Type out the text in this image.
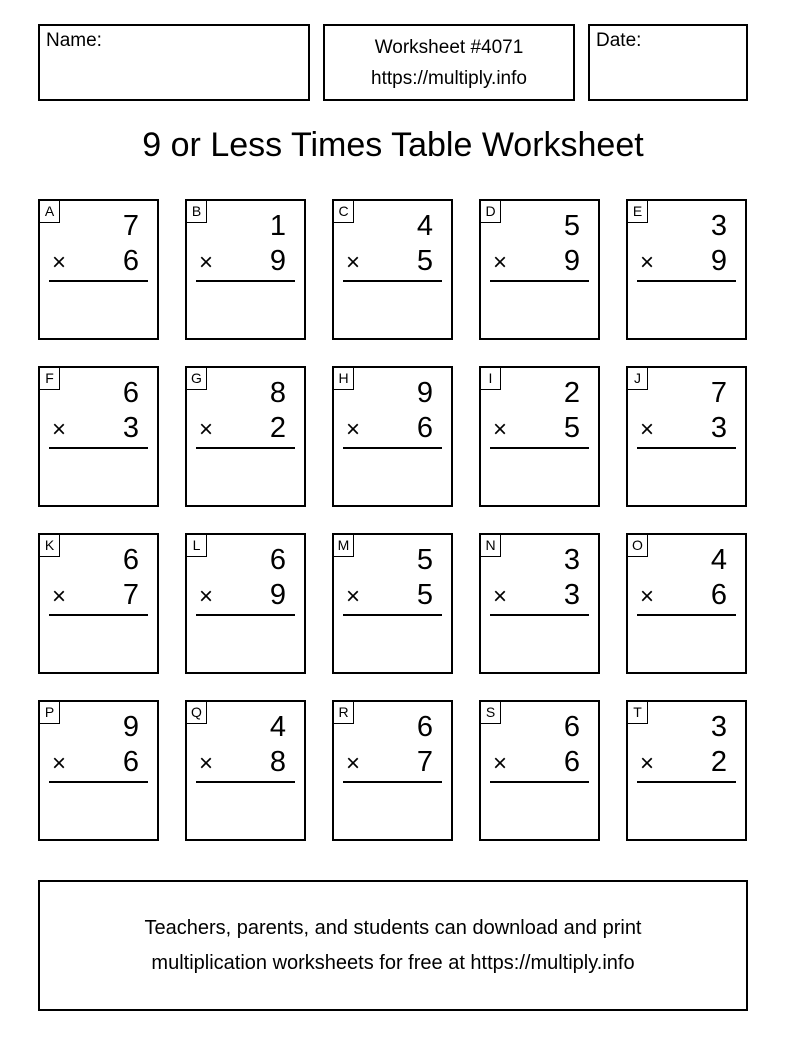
Name:	Worksheet #4071
https://multiply.info
Date:
9 or Less Times Table Worksheet
A 7
× 6
B 1
× 9
C 4
× 5
D 5
× 9
E 3
× 9
F 6
× 3
G 8
× 2
H 9
× 6
I 2
× 5
J 7
× 3
K 6
× 7
L 6
× 9
M 5
× 5
N 3
× 3
O 4
× 6
P 9
× 6
Q 4
× 8
R 6
× 7
S 6
× 6
T 3
× 2
Teachers, parents, and students can download and print
multiplication worksheets for free at https://multiply.info
